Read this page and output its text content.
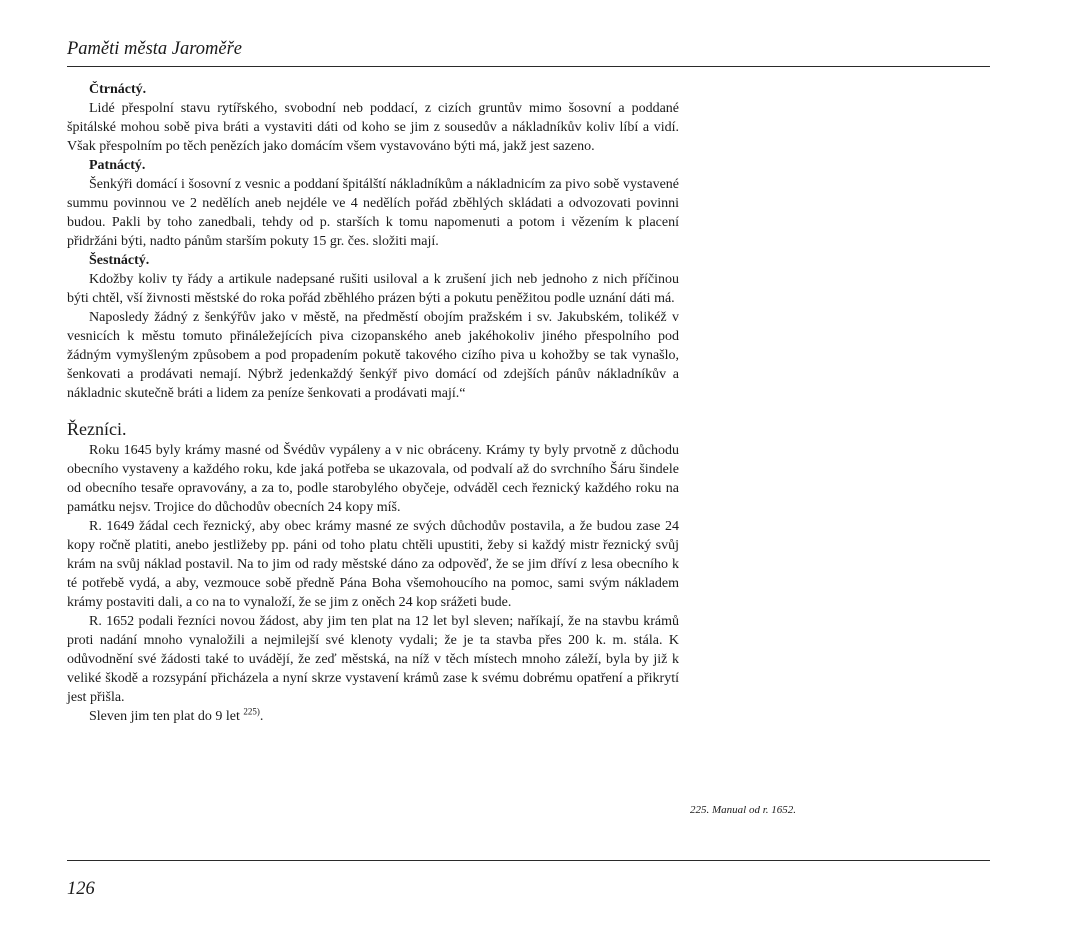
Paměti města Jaroměře
Čtrnáctý.

Lidé přespolní stavu rytířského, svobodní neb poddací, z cizích gruntův mimo šosovní a poddané špitálské mohou sobě piva bráti a vystaviti dáti od koho se jim z sousedův a nákladníkův koliv líbí a vidí. Však přespolním po těch penězích jako domácím všem vystavováno býti má, jakž jest sazeno.

Patnáctý.

Šenkýři domácí i šosovní z vesnic a poddaní špitálští nákladníkům a nákladnicím za pivo sobě vystavené summu povinnou ve 2 nedělích aneb nejdéle ve 4 nedělích pořád zběhlých skládati a odvozovati povinni budou. Pakli by toho zanedbali, tehdy od p. starších k tomu napomenuti a potom i vězením k placení přidržáni býti, nadto pánům starším pokuty 15 gr. čes. složiti mají.

Šestnáctý.

Kdožby koliv ty řády a artikule nadepsané rušiti usiloval a k zrušení jich neb jednoho z nich příčinou býti chtěl, vší živnosti městské do roka pořád zběhlého prázen býti a pokutu peněžitou podle uznání dáti má.

Naposledy žádný z šenkýřův jako v městě, na předměstí obojím pražském i sv. Jakubském, tolikéž v vesnicích k městu tomuto přináležejících piva cizopanského aneb jakéhokoliv jiného přespolního pod žádným vymyšleným způsobem a pod propadením pokutě takového cizího piva u kohožby se tak vynašlo, šenkovati a prodávati nemají. Nýbrž jedenkaždý šenkýř pivo domácí od zdejších pánův nákladníkův a nákladnic skutečně bráti a lidem za peníze šenkovati a prodávati mají.“

Řezníci.

Roku 1645 byly krámy masné od Švédův vypáleny a v nic obráceny. Krámy ty byly prvotně z důchodu obecního vystaveny a každého roku, kde jaká potřeba se ukazovala, od podvalí až do svrchního Šáru šindele od obecního tesaře opravovány, a za to, podle starobylého obyčeje, odváděl cech řeznický každého roku na památku nejsv. Trojice do důchodův obecních 24 kopy míš.

R. 1649 žádal cech řeznický, aby obec krámy masné ze svých důchodův postavila, a že budou zase 24 kopy ročně platiti, anebo jestližeby pp. páni od toho platu chtěli upustiti, žeby si každý mistr řeznický svůj krám na svůj náklad postavil. Na to jim od rady městské dáno za odpověď, že se jim dříví z lesa obecního k té potřebě vydá, a aby, vezmouce sobě předně Pána Boha všemohoucího na pomoc, sami svým nákladem krámy postaviti dali, a co na to vynaloží, že se jim z oněch 24 kop srážeti bude.

R. 1652 podali řezníci novou žádost, aby jim ten plat na 12 let byl sleven; naříkají, že na stavbu krámů proti nadání mnoho vynaložili a nejmilejší své klenoty vydali; že je ta stavba přes 200 k. m. stála. K odůvodnění své žádosti také to uvádějí, že zeď městská, na níž v těch místech mnoho záleží, byla by již k veliké škodě a rozsypání přicházela a nyní skrze vystavení krámů zase k svému dobrému opatření a přikrytí jest přišla.

Sleven jim ten plat do 9 let $^{225)}$.

225. Manual od r. 1652.
126
